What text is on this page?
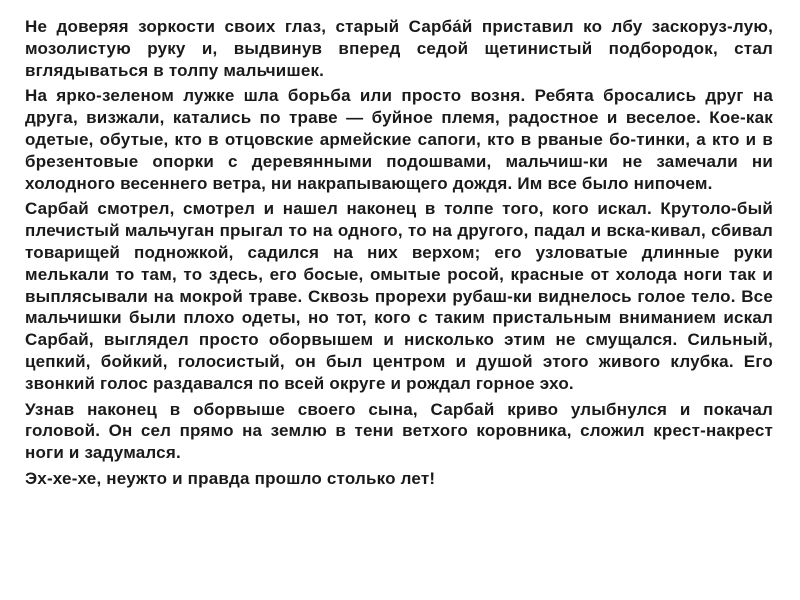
Не доверяя зоркости своих глаз, старый Сарба́й приставил ко лбу заскоруз-лую, мозолистую руку и, выдвинув вперед седой щетинистый подбородок, стал вглядываться в толпу мальчишек.

На ярко-зеленом лужке шла борьба или просто возня. Ребята бросались друг на друга, визжали, катались по траве — буйное племя, радостное и веселое. Кое-как одетые, обутые, кто в отцовские армейские сапоги, кто в рваные бо-тинки, а кто и в брезентовые опорки с деревянными подошвами, мальчиш-ки не замечали ни холодного весеннего ветра, ни накрапывающего дождя. Им все было нипочем.

Сарбай смотрел, смотрел и нашел наконец в толпе того, кого искал. Крутоло-бый плечистый мальчуган прыгал то на одного, то на другого, падал и вска-кивал, сбивал товарищей подножкой, садился на них верхом; его узловатые длинные руки мелькали то там, то здесь, его босые, омытые росой, красные от холода ноги так и выплясывали на мокрой траве. Сквозь прорехи рубаш-ки виднелось голое тело. Все мальчишки были плохо одеты, но тот, кого с таким пристальным вниманием искал Сарбай, выглядел просто оборвышем и нисколько этим не смущался. Сильный, цепкий, бойкий, голосистый, он был центром и душой этого живого клубка. Его звонкий голос раздавался по всей округе и рождал горное эхо.

Узнав наконец в оборвыше своего сына, Сарбай криво улыбнулся и покачал головой. Он сел прямо на землю в тени ветхого коровника, сложил крест-накрест ноги и задумался.

Эх-хе-хе, неужто и правда прошло столько лет!
